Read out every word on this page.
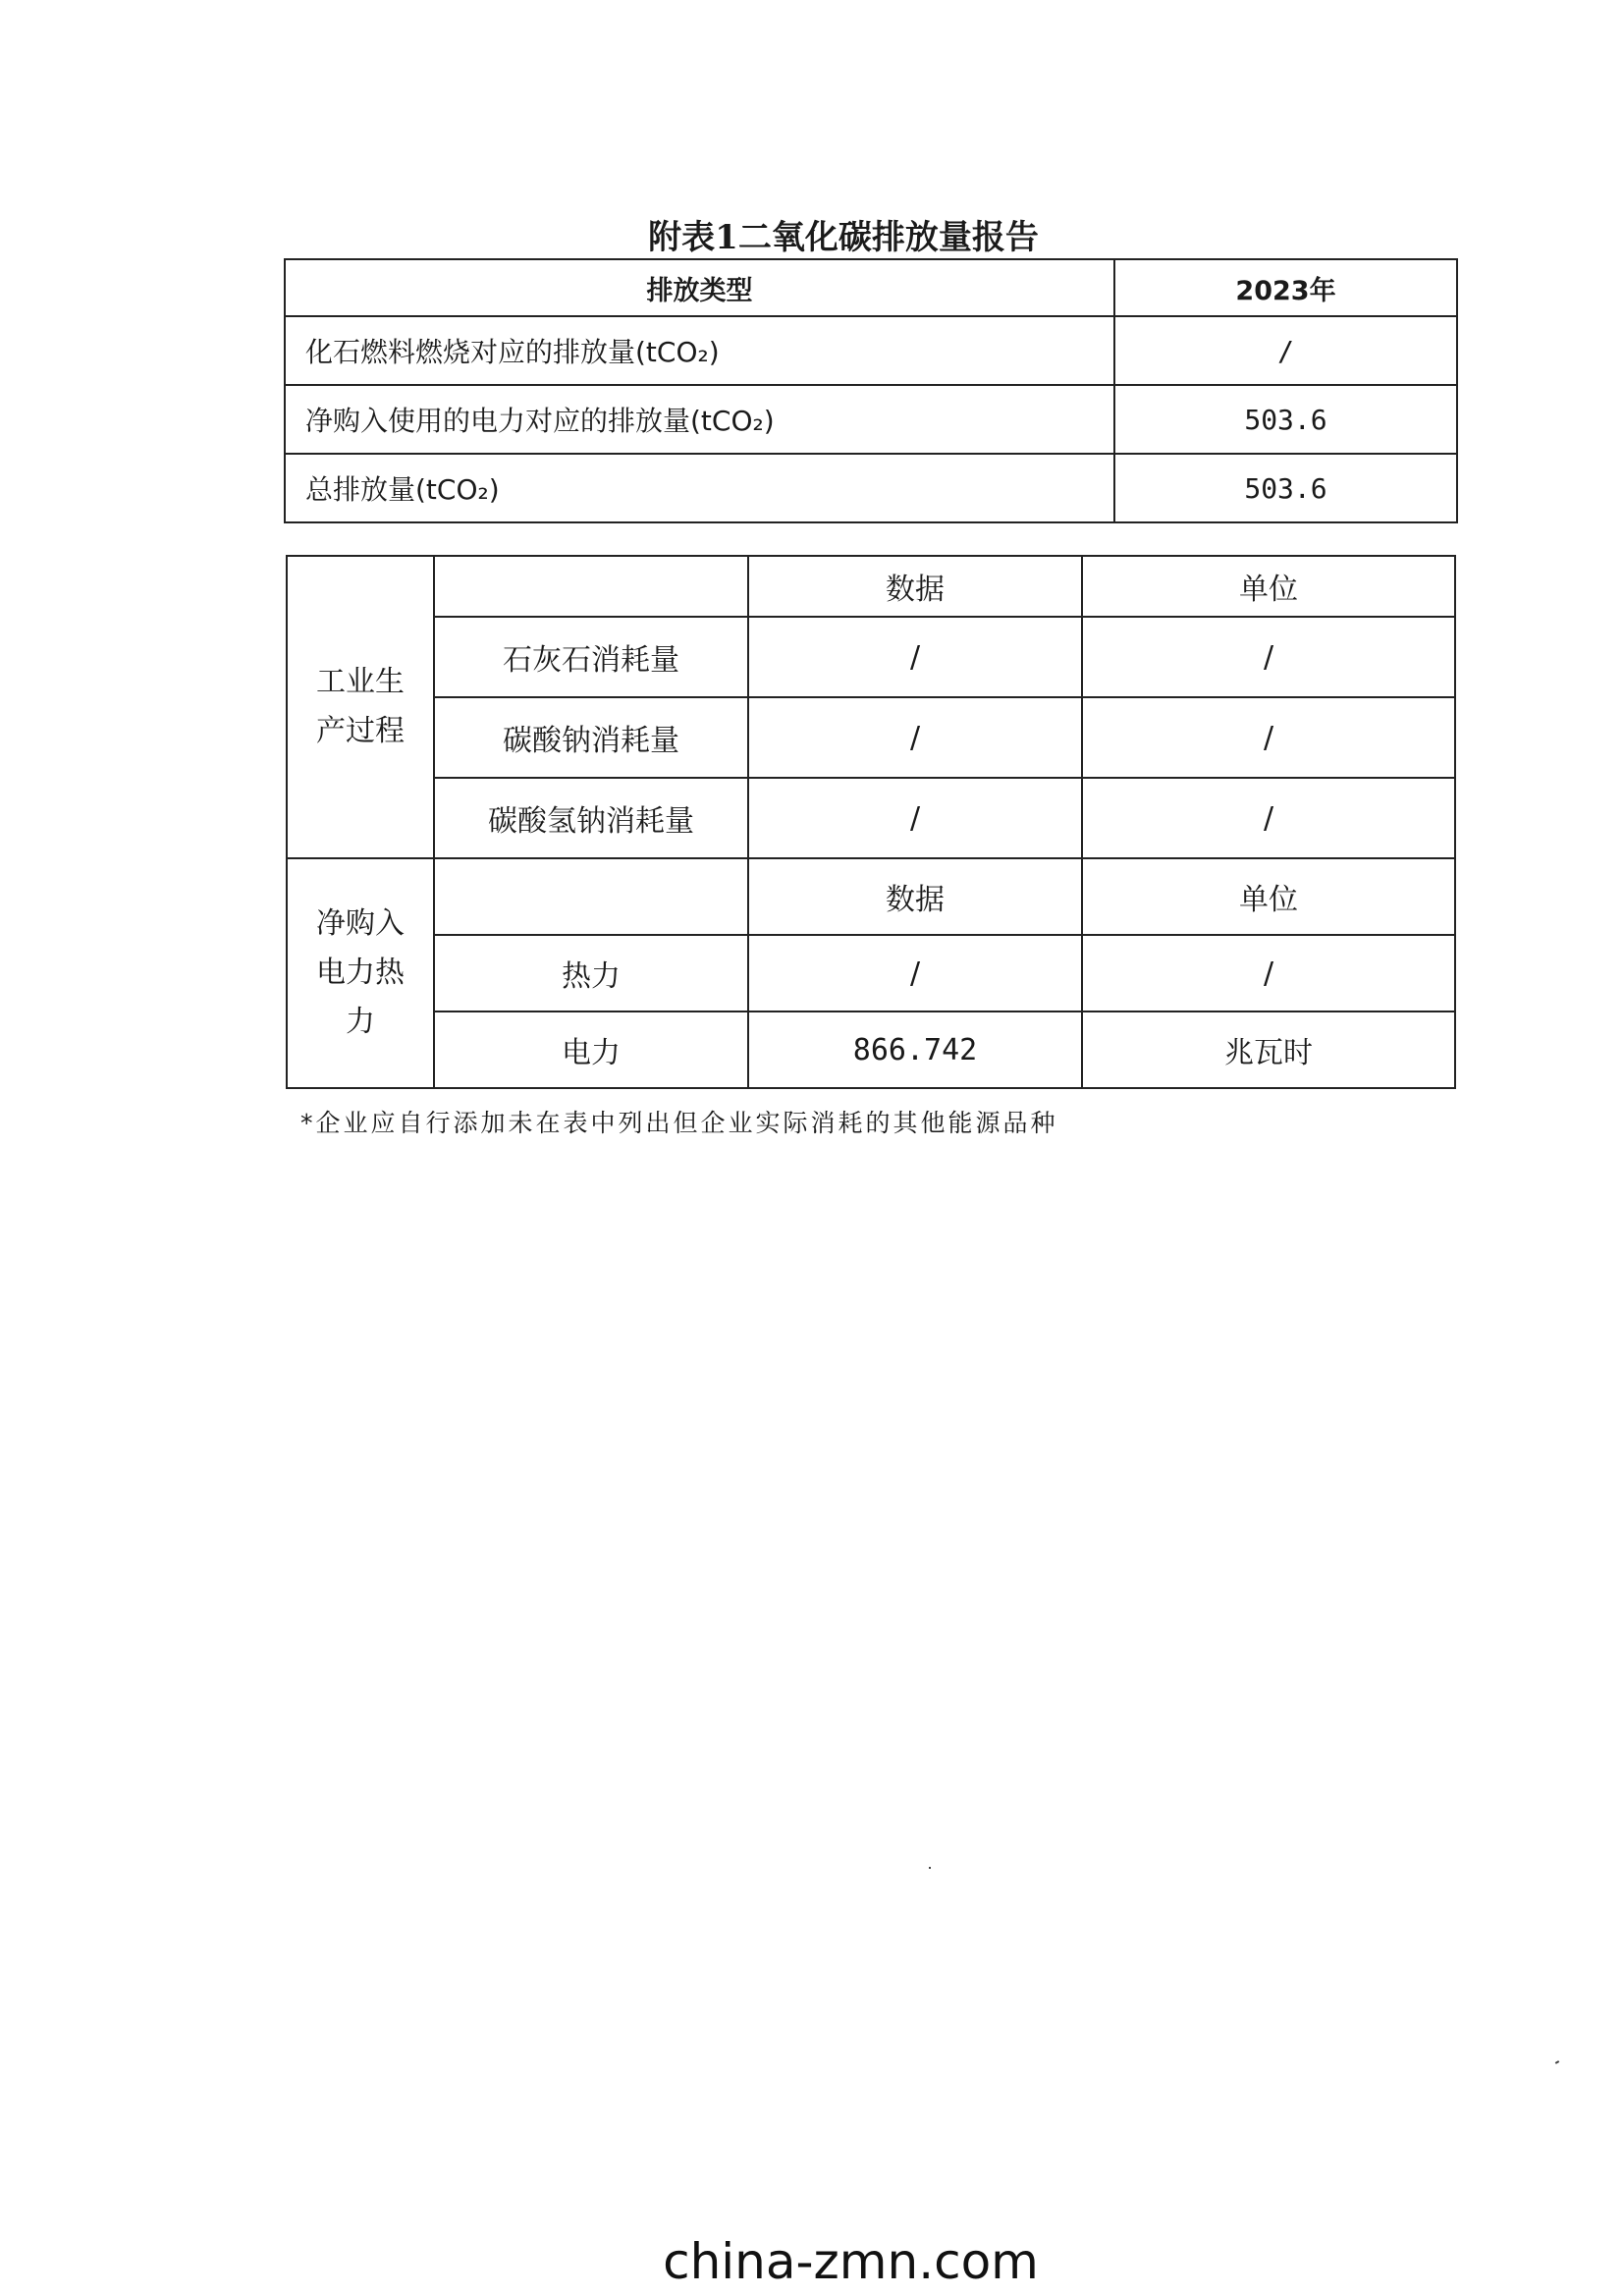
附表1二氧化碳排放量报告
排放类型	2023年
化石燃料燃烧对应的排放量(tCO₂)	/
净购入使用的电力对应的排放量(tCO₂)	503.6
总排放量(tCO₂)	503.6
工业生
产过程		数据	单位
	石灰石消耗量	/	/
	碳酸钠消耗量	/	/
	碳酸氢钠消耗量	/	/
净购入
电力热
力		数据	单位
	热力	/	/
	电力	866.742	兆瓦时
*企业应自行添加未在表中列出但企业实际消耗的其他能源品种
china-zmn.com
